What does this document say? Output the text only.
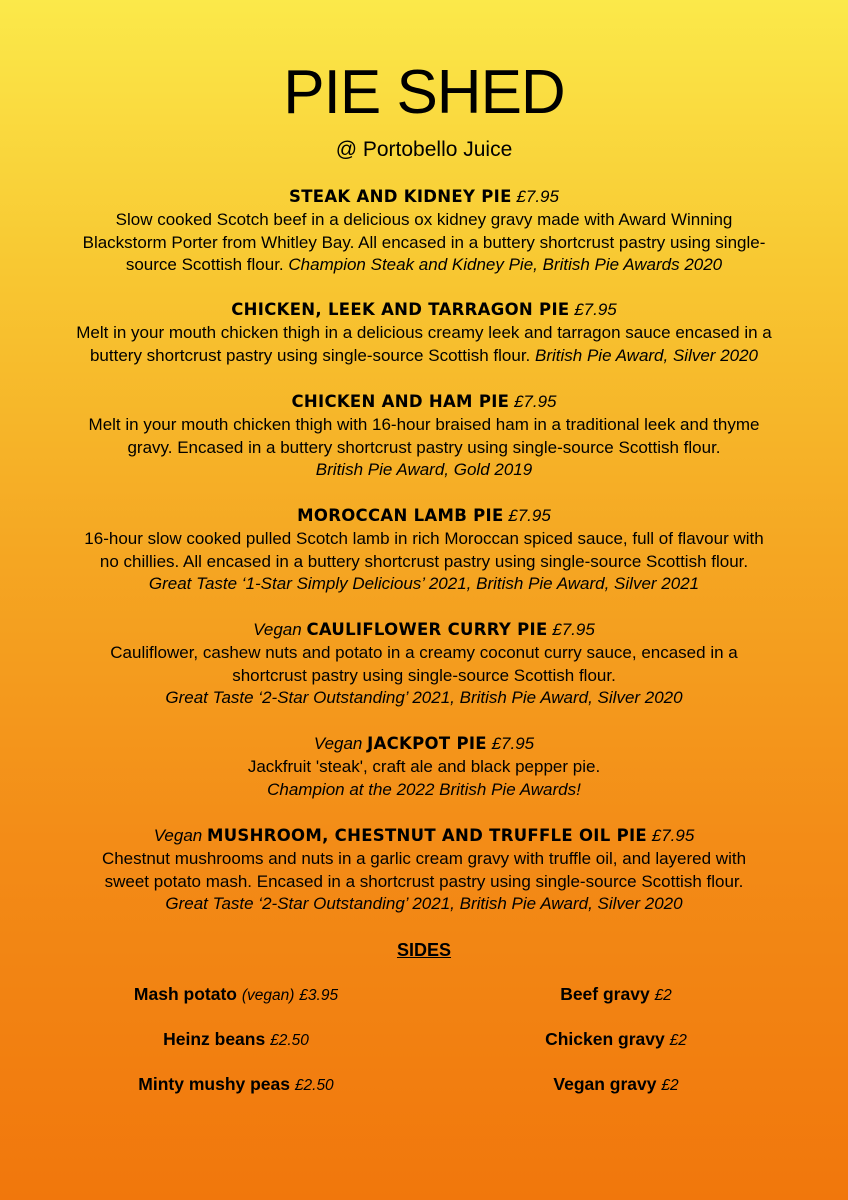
PIE SHED
@ Portobello Juice
STEAK AND KIDNEY PIE £7.95
Slow cooked Scotch beef in a delicious ox kidney gravy made with Award Winning
Blackstorm Porter from Whitley Bay. All encased in a buttery shortcrust pastry using single-
source Scottish flour. Champion Steak and Kidney Pie, British Pie Awards 2020
CHICKEN, LEEK AND TARRAGON PIE £7.95
Melt in your mouth chicken thigh in a delicious creamy leek and tarragon sauce encased in a
buttery shortcrust pastry using single-source Scottish flour. British Pie Award, Silver 2020
CHICKEN AND HAM PIE £7.95
Melt in your mouth chicken thigh with 16-hour braised ham in a traditional leek and thyme
gravy. Encased in a buttery shortcrust pastry using single-source Scottish flour.
British Pie Award, Gold 2019
MOROCCAN LAMB PIE £7.95
16-hour slow cooked pulled Scotch lamb in rich Moroccan spiced sauce, full of flavour with
no chillies. All encased in a buttery shortcrust pastry using single-source Scottish flour.
Great Taste ‘1-Star Simply Delicious’ 2021, British Pie Award, Silver 2021
Vegan CAULIFLOWER CURRY PIE £7.95
Cauliflower, cashew nuts and potato in a creamy coconut curry sauce, encased in a
shortcrust pastry using single-source Scottish flour.
Great Taste ‘2-Star Outstanding’ 2021, British Pie Award, Silver 2020
Vegan JACKPOT PIE £7.95
Jackfruit 'steak', craft ale and black pepper pie.
Champion at the 2022 British Pie Awards!
Vegan MUSHROOM, CHESTNUT AND TRUFFLE OIL PIE £7.95
Chestnut mushrooms and nuts in a garlic cream gravy with truffle oil, and layered with
sweet potato mash. Encased in a shortcrust pastry using single-source Scottish flour.
Great Taste ‘2-Star Outstanding’ 2021, British Pie Award, Silver 2020
SIDES
Mash potato (vegan) £3.95
Heinz beans £2.50
Minty mushy peas £2.50
Beef gravy £2
Chicken gravy £2
Vegan gravy £2
